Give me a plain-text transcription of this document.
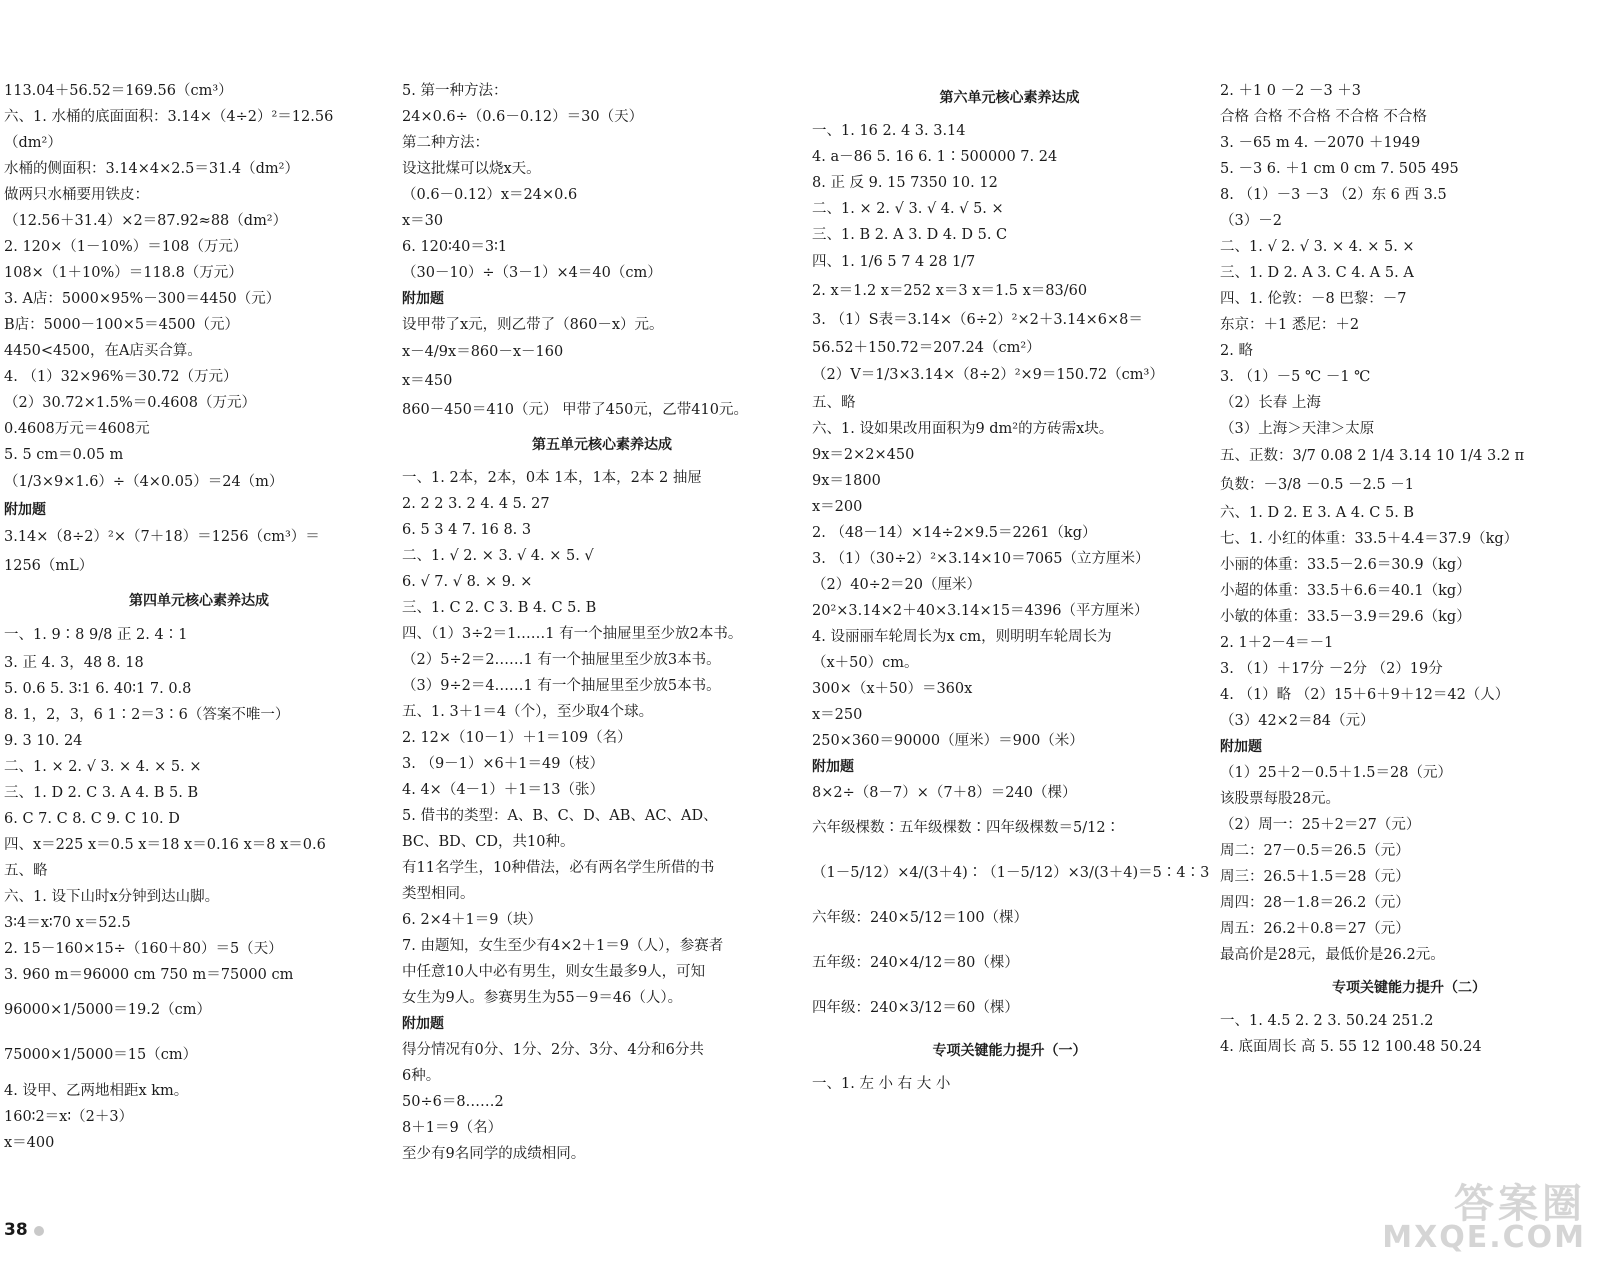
113.04＋56.52＝169.56（cm³）
六、1. 水桶的底面面积：3.14×（4÷2）²＝12.56
（dm²）
水桶的侧面积：3.14×4×2.5＝31.4（dm²）
做两只水桶要用铁皮：
（12.56＋31.4）×2＝87.92≈88（dm²）
2. 120×（1－10%）＝108（万元）
108×（1＋10%）＝118.8（万元）
3. A店：5000×95%－300＝4450（元）
B店：5000－100×5＝4500（元）
4450<4500，在A店买合算。
4. （1）32×96%＝30.72（万元）
（2）30.72×1.5%＝0.4608（万元）
0.4608万元＝4608元
5. 5 cm＝0.05 m
（1/3×9×1.6）÷（4×0.05）＝24（m）
附加题
3.14×（8÷2）²×（7＋18）＝1256（cm³）＝
1256（mL）
第四单元核心素养达成
一、1. 9∶8 9/8 正 2. 4∶1
3. 正 4. 3，48 8. 18
5. 0.6 5. 3∶1 6. 40∶1 7. 0.8
8. 1，2，3，6 1∶2＝3∶6（答案不唯一）
9. 3 10. 24
二、1. × 2. √ 3. × 4. × 5. ×
三、1. D 2. C 3. A 4. B 5. B
6. C 7. C 8. C 9. C 10. D
四、x＝225 x＝0.5 x＝18 x＝0.16 x＝8 x＝0.6
五、略
六、1. 设下山时x分钟到达山脚。
3∶4＝x∶70 x＝52.5
2. 15－160×15÷（160＋80）＝5（天）
3. 960 m＝96000 cm 750 m＝75000 cm
96000×1/5000＝19.2（cm）
75000×1/5000＝15（cm）
4. 设甲、乙两地相距x km。
160∶2＝x∶（2＋3）
x＝400
5. 第一种方法：
24×0.6÷（0.6－0.12）＝30（天）
第二种方法：
设这批煤可以烧x天。
（0.6－0.12）x＝24×0.6
x＝30
6. 120∶40＝3∶1
（30－10）÷（3－1）×4＝40（cm）
附加题
设甲带了x元，则乙带了（860－x）元。
x－4/9x＝860－x－160
x＝450
860－450＝410（元） 甲带了450元，乙带410元。
第五单元核心素养达成
一、1. 2本，2本，0本 1本，1本，2本 2 抽屉
2. 2 2 3. 2 4. 4 5. 27
6. 5 3 4 7. 16 8. 3
二、1. √ 2. × 3. √ 4. × 5. √
6. √ 7. √ 8. × 9. ×
三、1. C 2. C 3. B 4. C 5. B
四、（1）3÷2＝1……1 有一个抽屉里至少放2本书。
（2）5÷2＝2……1 有一个抽屉里至少放3本书。
（3）9÷2＝4……1 有一个抽屉里至少放5本书。
五、1. 3＋1＝4（个），至少取4个球。
2. 12×（10－1）＋1＝109（名）
3. （9－1）×6＋1＝49（枝）
4. 4×（4－1）＋1＝13（张）
5. 借书的类型：A、B、C、D、AB、AC、AD、
BC、BD、CD，共10种。
有11名学生，10种借法，必有两名学生所借的书
类型相同。
6. 2×4＋1＝9（块）
7. 由题知，女生至少有4×2＋1＝9（人），参赛者
中任意10人中必有男生，则女生最多9人，可知
女生为9人。参赛男生为55－9＝46（人）。
附加题
得分情况有0分、1分、2分、3分、4分和6分共
6种。
50÷6＝8……2
8＋1＝9（名）
至少有9名同学的成绩相同。
第六单元核心素养达成
一、1. 16 2. 4 3. 3.14
4. a－86 5. 16 6. 1∶500000 7. 24
8. 正 反 9. 15 7350 10. 12
二、1. × 2. √ 3. √ 4. √ 5. ×
三、1. B 2. A 3. D 4. D 5. C
四、1. 1/6 5 7 4 28 1/7
2. x＝1.2 x＝252 x＝3 x＝1.5 x＝83/60
3. （1）S表＝3.14×（6÷2）²×2＋3.14×6×8＝
56.52＋150.72＝207.24（cm²）
（2）V＝1/3×3.14×（8÷2）²×9＝150.72（cm³）
五、略
六、1. 设如果改用面积为9 dm²的方砖需x块。
9x＝2×2×450
9x＝1800
x＝200
2. （48－14）×14÷2×9.5＝2261（kg）
3. （1）（30÷2）²×3.14×10＝7065（立方厘米）
（2）40÷2＝20（厘米）
20²×3.14×2＋40×3.14×15＝4396（平方厘米）
4. 设丽丽车轮周长为x cm，则明明车轮周长为
（x＋50）cm。
300×（x＋50）＝360x
x＝250
250×360＝90000（厘米）＝900（米）
附加题
8×2÷（8－7）×（7＋8）＝240（棵）
六年级棵数∶五年级棵数∶四年级棵数＝5/12∶
（1－5/12）×4/(3＋4)∶（1－5/12）×3/(3＋4)＝5∶4∶3
六年级：240×5/12＝100（棵）
五年级：240×4/12＝80（棵）
四年级：240×3/12＝60（棵）
专项关键能力提升（一）
一、1. 左 小 右 大 小
2. ＋1 0 －2 －3 ＋3
合格 合格 不合格 不合格 不合格
3. －65 m 4. －2070 ＋1949
5. －3 6. ＋1 cm 0 cm 7. 505 495
8. （1）－3 －3 （2）东 6 西 3.5
（3）－2
二、1. √ 2. √ 3. × 4. × 5. ×
三、1. D 2. A 3. C 4. A 5. A
四、1. 伦敦：－8 巴黎：－7
东京：＋1 悉尼：＋2
2. 略
3. （1）－5 ℃ －1 ℃
（2）长春 上海
（3）上海＞天津＞太原
五、正数：3/7 0.08 2 1/4 3.14 10 1/4 3.2 π
负数：－3/8 －0.5 －2.5 －1
六、1. D 2. E 3. A 4. C 5. B
七、1. 小红的体重：33.5＋4.4＝37.9（kg）
小丽的体重：33.5－2.6＝30.9（kg）
小超的体重：33.5＋6.6＝40.1（kg）
小敏的体重：33.5－3.9＝29.6（kg）
2. 1＋2－4＝－1
3. （1）＋17分 －2分 （2）19分
4. （1）略 （2）15＋6＋9＋12＝42（人）
（3）42×2＝84（元）
附加题
（1）25＋2－0.5＋1.5＝28（元）
该股票每股28元。
（2）周一：25＋2＝27（元）
周二：27－0.5＝26.5（元）
周三：26.5＋1.5＝28（元）
周四：28－1.8＝26.2（元）
周五：26.2＋0.8＝27（元）
最高价是28元，最低价是26.2元。
专项关键能力提升（二）
一、1. 4.5 2. 2 3. 50.24 251.2
4. 底面周长 高 5. 55 12 100.48 50.24
38
答案圈
MXQE.COM
